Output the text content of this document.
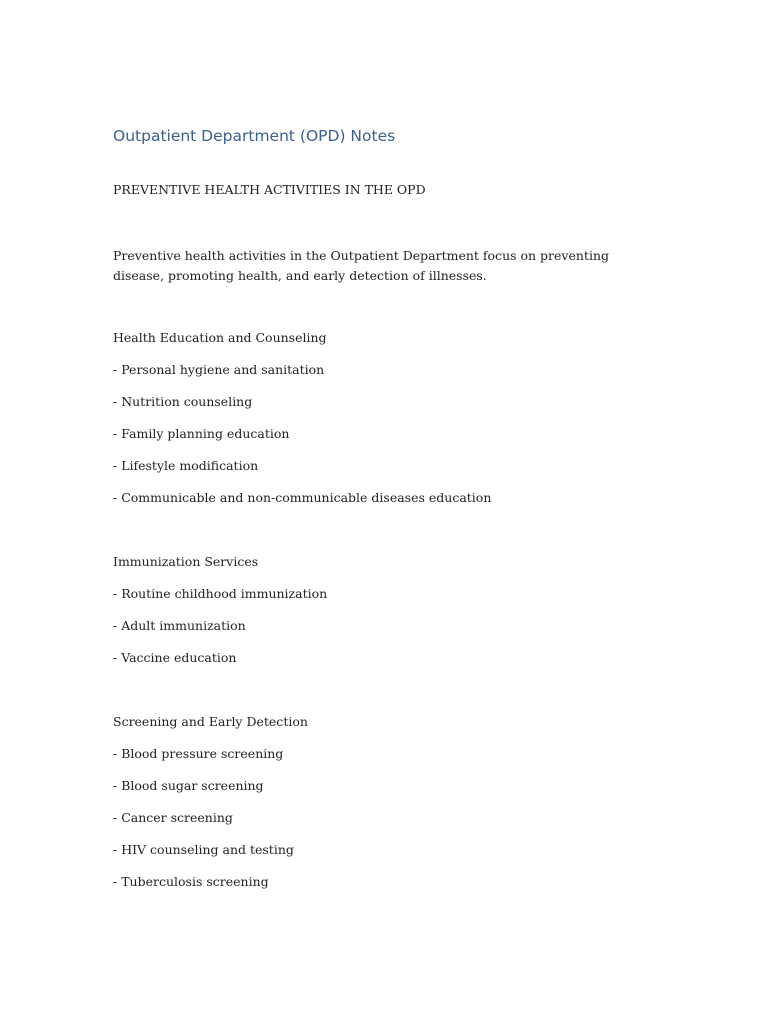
Outpatient Department (OPD) Notes

PREVENTIVE HEALTH ACTIVITIES IN THE OPD

Preventive health activities in the Outpatient Department focus on preventing disease, promoting health, and early detection of illnesses.

Health Education and Counseling

- Personal hygiene and sanitation

- Nutrition counseling

- Family planning education

- Lifestyle modification

- Communicable and non-communicable diseases education

Immunization Services

- Routine childhood immunization

- Adult immunization

- Vaccine education

Screening and Early Detection

- Blood pressure screening

- Blood sugar screening

- Cancer screening

- HIV counseling and testing

- Tuberculosis screening
